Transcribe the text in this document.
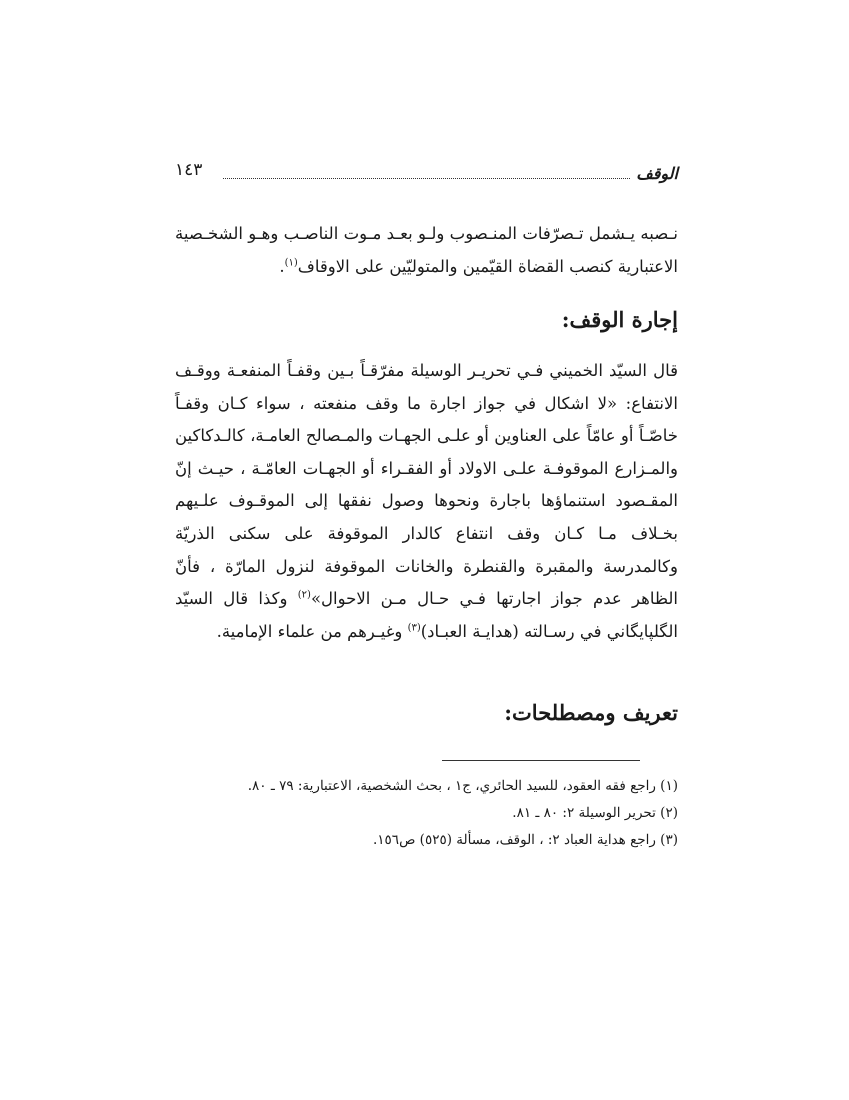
الوقف
١٤٣
نـصبه يـشمل تـصرّفات المنـصوب ولـو بعـد مـوت الناصـب وهـو الشخـصية الاعتبارية كنصب القضاة القيّمين والمتوليّين على الاوقاف$^{(١)}$.
إجارة الوقف:
قال السيّد الخميني فـي تحريـر الوسيلة مفرّقـاً بـين وقفـاً المنفعـة ووقـف الانتفاع: «لا اشكال في جواز اجارة ما وقف منفعته ، سواء كـان وقفـاً خاصّـاً أو عامّاً على العناوين أو علـى الجهـات والمـصالح العامـة، كالـدكاكين والمـزارع الموقوفـة علـى الاولاد أو الفقـراء أو الجهـات العامّـة ، حيـث إنّ المقـصود استنماؤها باجارة ونحوها وصول نفقها إلى الموقـوف علـيهم بخـلاف مـا كـان وقف انتفاع كالدار الموقوفة على سكنى الذريّة وكالمدرسة والمقبرة والقنطرة والخانات الموقوفة لنزول المارّة ، فأنّ الظاهر عدم جواز اجارتها فـي حـال مـن الاحوال»$^{(٢)}$ وكذا قال السيّد الگلپايگاني في رسـالته (هدايـة العبـاد)$^{(٣)}$ وغيـرهم من علماء الإمامية.
تعريف ومصطلحات:
(١) راجع فقه العقود، للسيد الحائري، ج١ ، بحث الشخصية، الاعتبارية: ٧٩ ـ ٨٠.
(٢) تحرير الوسيلة ٢: ٨٠ ـ ٨١.
(٣) راجع هداية العباد ٢: ، الوقف، مسألة (٥٢٥) ص١٥٦.
